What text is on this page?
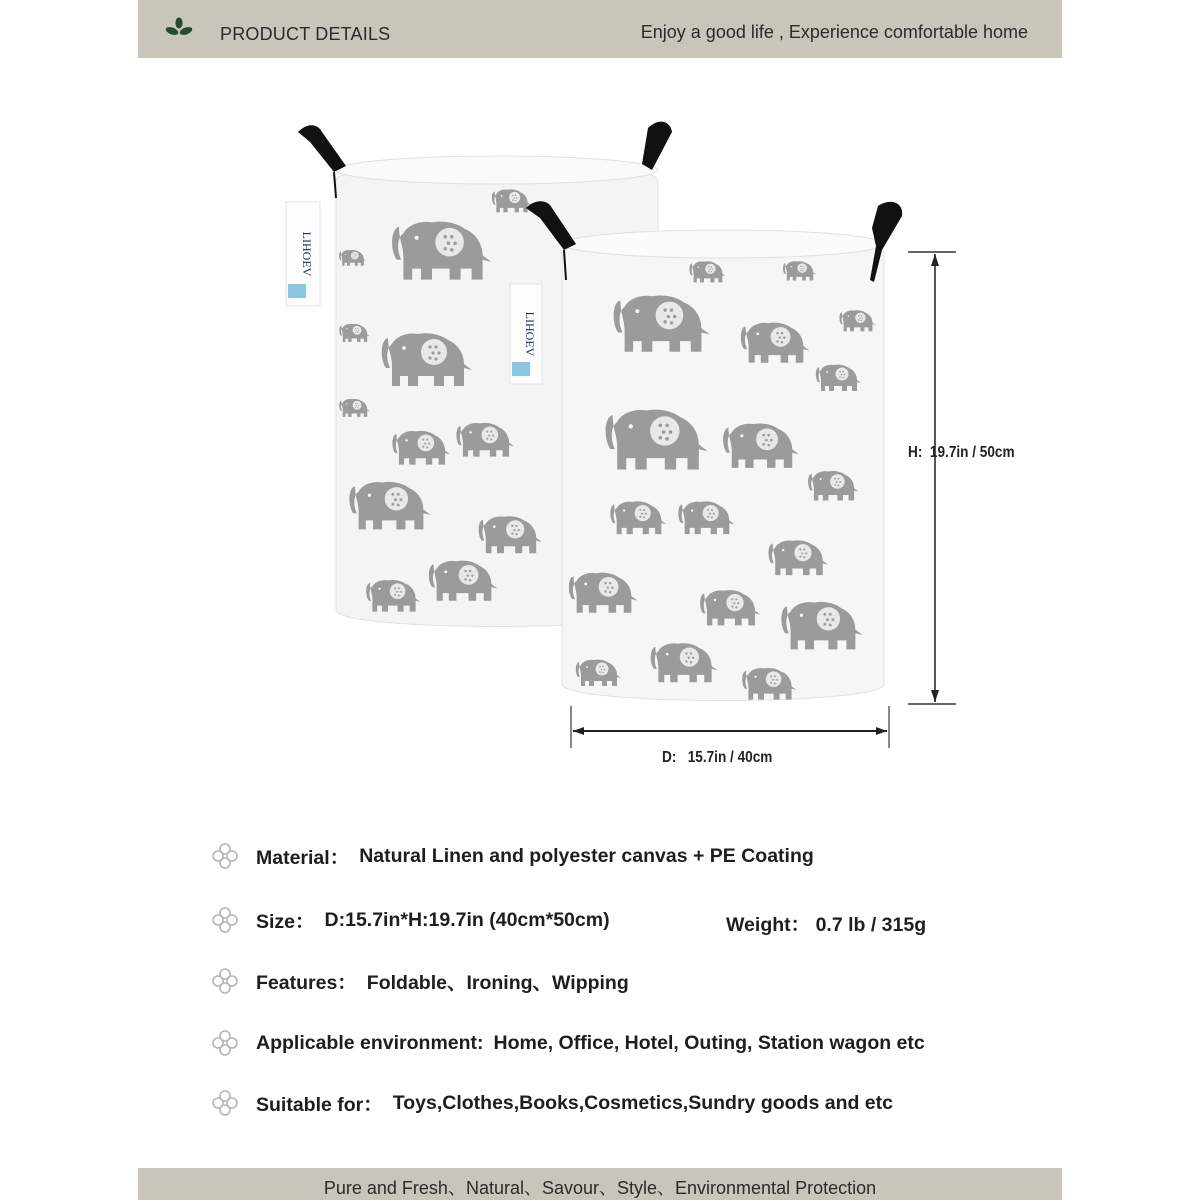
PRODUCT DETAILS	Enjoy a good life , Experience comfortable home
LIHOEV
LIHOEV
H: 19.7in / 50cm
D: 15.7in / 40cm
Material： Natural Linen and polyester canvas + PE Coating
Size： D:15.7in*H:19.7in (40cm*50cm)	Weight： 0.7 lb / 315g
Features： Foldable、Ironing、Wipping
Applicable environment: Home, Office, Hotel, Outing, Station wagon etc
Suitable for： Toys,Clothes,Books,Cosmetics,Sundry goods and etc
Pure and Fresh、Natural、Savour、Style、Environmental Protection
